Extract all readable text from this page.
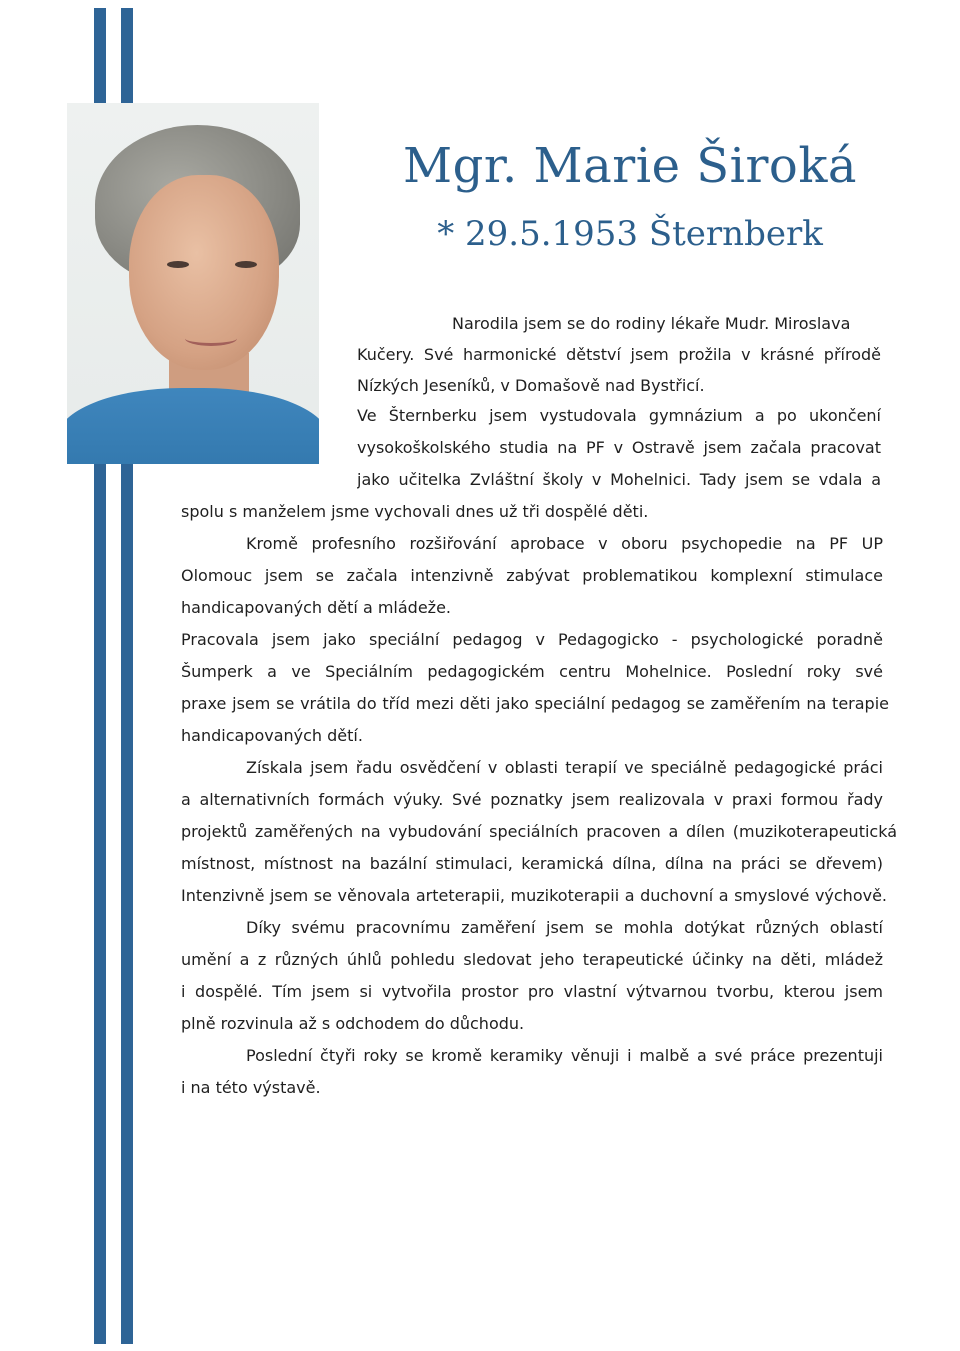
Mgr. Marie Široká

* 29.5.1953 Šternberk

Narodila jsem se do rodiny lékaře Mudr. Miroslava

Kučery. Své harmonické dětství jsem prožila v krásné přírodě

Nízkých Jeseníků, v Domašově nad Bystřicí.

Ve Šternberku jsem vystudovala gymnázium a po ukončení

vysokoškolského studia na PF v Ostravě jsem začala pracovat

jako učitelka Zvláštní školy v Mohelnici. Tady jsem se vdala a

spolu s manželem jsme vychovali dnes už tři dospělé děti.

Kromě profesního rozšiřování aprobace v oboru psychopedie na PF UP

Olomouc jsem se začala intenzivně zabývat problematikou komplexní stimulace

handicapovaných dětí a mládeže.

Pracovala jsem jako speciální pedagog v Pedagogicko - psychologické poradně

Šumperk a ve Speciálním pedagogickém centru Mohelnice. Poslední roky své

praxe jsem se vrátila do tříd mezi děti jako speciální pedagog se zaměřením na terapie

handicapovaných dětí.

Získala jsem řadu osvědčení v oblasti terapií ve speciálně pedagogické práci

a alternativních formách výuky. Své poznatky jsem realizovala v praxi formou řady

projektů zaměřených na vybudování speciálních pracoven a dílen (muzikoterapeutická

místnost, místnost na bazální stimulaci, keramická dílna, dílna na práci se dřevem)

Intenzivně jsem se věnovala arteterapii, muzikoterapii a duchovní a smyslové výchově.

Díky svému pracovnímu zaměření jsem se mohla dotýkat různých oblastí

umění a z různých úhlů pohledu sledovat jeho terapeutické účinky na děti, mládež

i dospělé. Tím jsem si vytvořila prostor pro vlastní výtvarnou tvorbu, kterou jsem

plně rozvinula až s odchodem do důchodu.

Poslední čtyři roky se kromě keramiky věnuji i malbě a své práce prezentuji

i na této výstavě.
